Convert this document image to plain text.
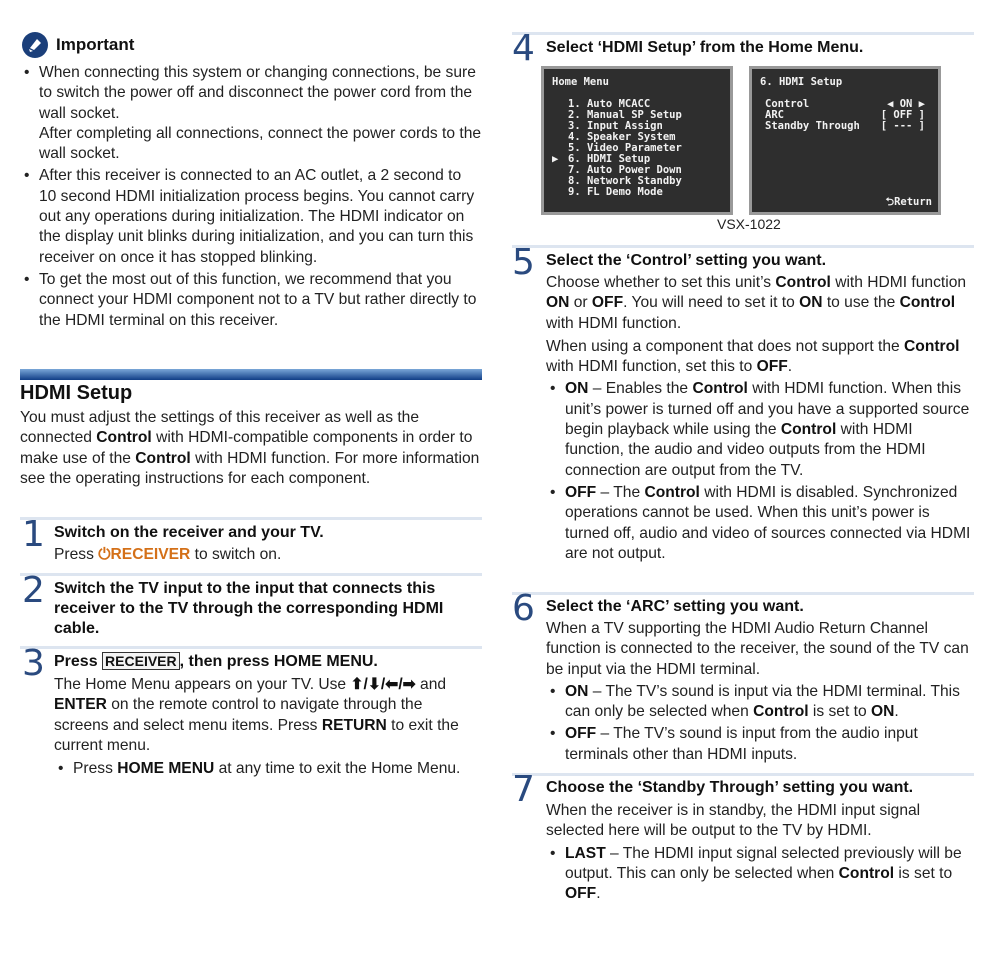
Important
• When connecting this system or changing connections, be sure to switch the power off and disconnect the power cord from the wall socket.
After completing all connections, connect the power cords to the wall socket.
• After this receiver is connected to an AC outlet, a 2 second to 10 second HDMI initialization process begins. You cannot carry out any operations during initialization. The HDMI indicator on the display unit blinks during initialization, and you can turn this receiver on once it has stopped blinking.
• To get the most out of this function, we recommend that you connect your HDMI component not to a TV but rather directly to the HDMI terminal on this receiver.
HDMI Setup
You must adjust the settings of this receiver as well as the connected Control with HDMI-compatible components in order to make use of the Control with HDMI function. For more information see the operating instructions for each component.
1 Switch on the receiver and your TV.
Press ⏻RECEIVER to switch on.
2 Switch the TV input to the input that connects this receiver to the TV through the corresponding HDMI cable.
3 Press RECEIVER , then press HOME MENU.
The Home Menu appears on your TV. Use ⬆/⬇/⬅/➡ and ENTER on the remote control to navigate through the screens and select menu items. Press RETURN to exit the current menu.
• Press HOME MENU at any time to exit the Home Menu.
4 Select ‘HDMI Setup’ from the Home Menu.
Home Menu
1. Auto MCACC
2. Manual SP Setup
3. Input Assign
4. Speaker System
5. Video Parameter
6. HDMI Setup
7. Auto Power Down
8. Network Standby
9. FL Demo Mode
▶
6. HDMI Setup
Control	◀ ON ▶
ARC	[ OFF ]
Standby Through [ --- ]
⮌Return
VSX-1022
5 Select the ‘Control’ setting you want.
Choose whether to set this unit’s Control with HDMI function ON or OFF. You will need to set it to ON to use the Control with HDMI function.
When using a component that does not support the Control with HDMI function, set this to OFF.
• ON – Enables the Control with HDMI function. When this unit’s power is turned off and you have a supported source begin playback while using the Control with HDMI function, the audio and video outputs from the HDMI connection are output from the TV.
• OFF – The Control with HDMI is disabled. Synchronized operations cannot be used. When this unit’s power is turned off, audio and video of sources connected via HDMI are not output.
6 Select the ‘ARC’ setting you want.
When a TV supporting the HDMI Audio Return Channel function is connected to the receiver, the sound of the TV can be input via the HDMI terminal.
• ON – The TV’s sound is input via the HDMI terminal. This can only be selected when Control is set to ON.
• OFF – The TV’s sound is input from the audio input terminals other than HDMI inputs.
7 Choose the ‘Standby Through’ setting you want.
When the receiver is in standby, the HDMI input signal selected here will be output to the TV by HDMI.
• LAST – The HDMI input signal selected previously will be output. This can only be selected when Control is set to OFF.
